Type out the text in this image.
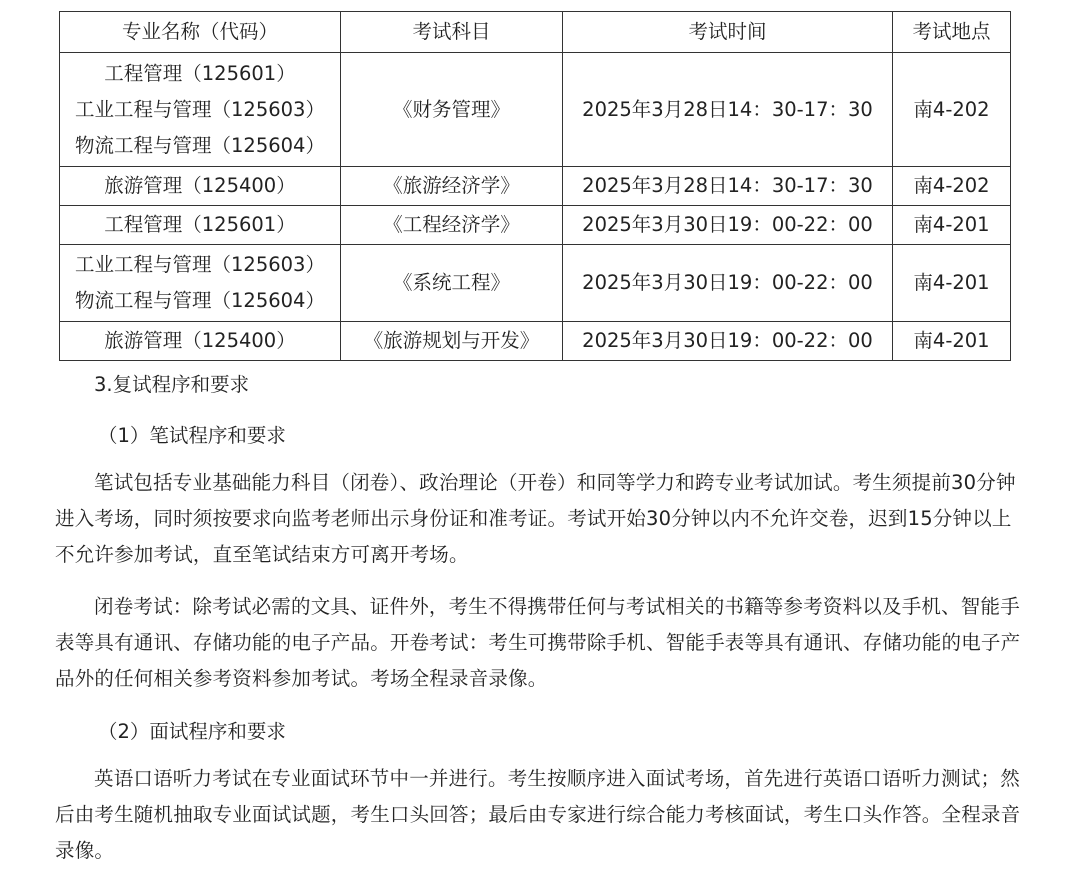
专业名称（代码）	考试科目	考试时间	考试地点

工程管理（125601）
工业工程与管理（125603）
物流工程与管理（125604）	《财务管理》	2025年3月28日14：30-17：30	南4-202

旅游管理（125400）	《旅游经济学》	2025年3月28日14：30-17：30	南4-202

工程管理（125601）	《工程经济学》	2025年3月30日19：00-22：00	南4-201

工业工程与管理（125603）
物流工程与管理（125604）	《系统工程》	2025年3月30日19：00-22：00	南4-201

旅游管理（125400）	《旅游规划与开发》	2025年3月30日19：00-22：00	南4-201
3.复试程序和要求
（1）笔试程序和要求

笔试包括专业基础能力科目（闭卷）、政治理论（开卷）和同等学力和跨专业考试加试。考生须提前30分钟进入考场，同时须按要求向监考老师出示身份证和准考证。考试开始30分钟以内不允许交卷，迟到15分钟以上不允许参加考试，直至笔试结束方可离开考场。

闭卷考试：除考试必需的文具、证件外，考生不得携带任何与考试相关的书籍等参考资料以及手机、智能手表等具有通讯、存储功能的电子产品。开卷考试：考生可携带除手机、智能手表等具有通讯、存储功能的电子产品外的任何相关参考资料参加考试。考场全程录音录像。

（2）面试程序和要求

英语口语听力考试在专业面试环节中一并进行。考生按顺序进入面试考场，首先进行英语口语听力测试；然后由考生随机抽取专业面试试题，考生口头回答；最后由专家进行综合能力考核面试，考生口头作答。全程录音录像。
